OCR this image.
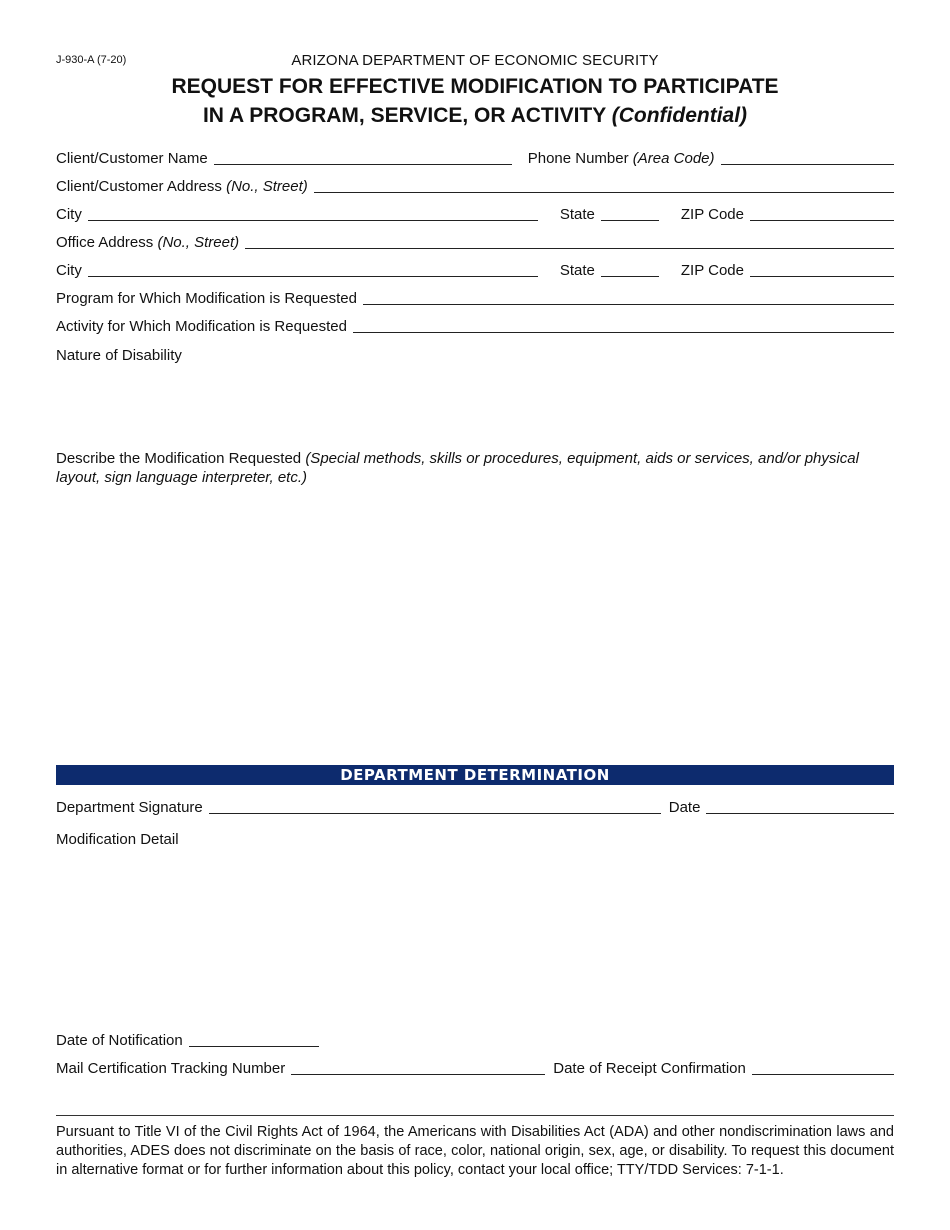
J-930-A (7-20)	ARIZONA DEPARTMENT OF ECONOMIC SECURITY
REQUEST FOR EFFECTIVE MODIFICATION TO PARTICIPATE
IN A PROGRAM, SERVICE, OR ACTIVITY (Confidential)
Client/Customer Name	Phone Number (Area Code)
Client/Customer Address (No., Street)
City	State	ZIP Code
Office Address (No., Street)
City	State	ZIP Code
Program for Which Modification is Requested
Activity for Which Modification is Requested
Nature of Disability
Describe the Modification Requested (Special methods, skills or procedures, equipment, aids or services, and/or physical layout, sign language interpreter, etc.)
DEPARTMENT DETERMINATION
Department Signature	Date
Modification Detail
Date of Notification
Mail Certification Tracking Number	Date of Receipt Confirmation
Pursuant to Title VI of the Civil Rights Act of 1964, the Americans with Disabilities Act (ADA) and other nondiscrimination laws and authorities, ADES does not discriminate on the basis of race, color, national origin, sex, age, or disability. To request this document in alternative format or for further information about this policy, contact your local office; TTY/TDD Services: 7-1-1.
